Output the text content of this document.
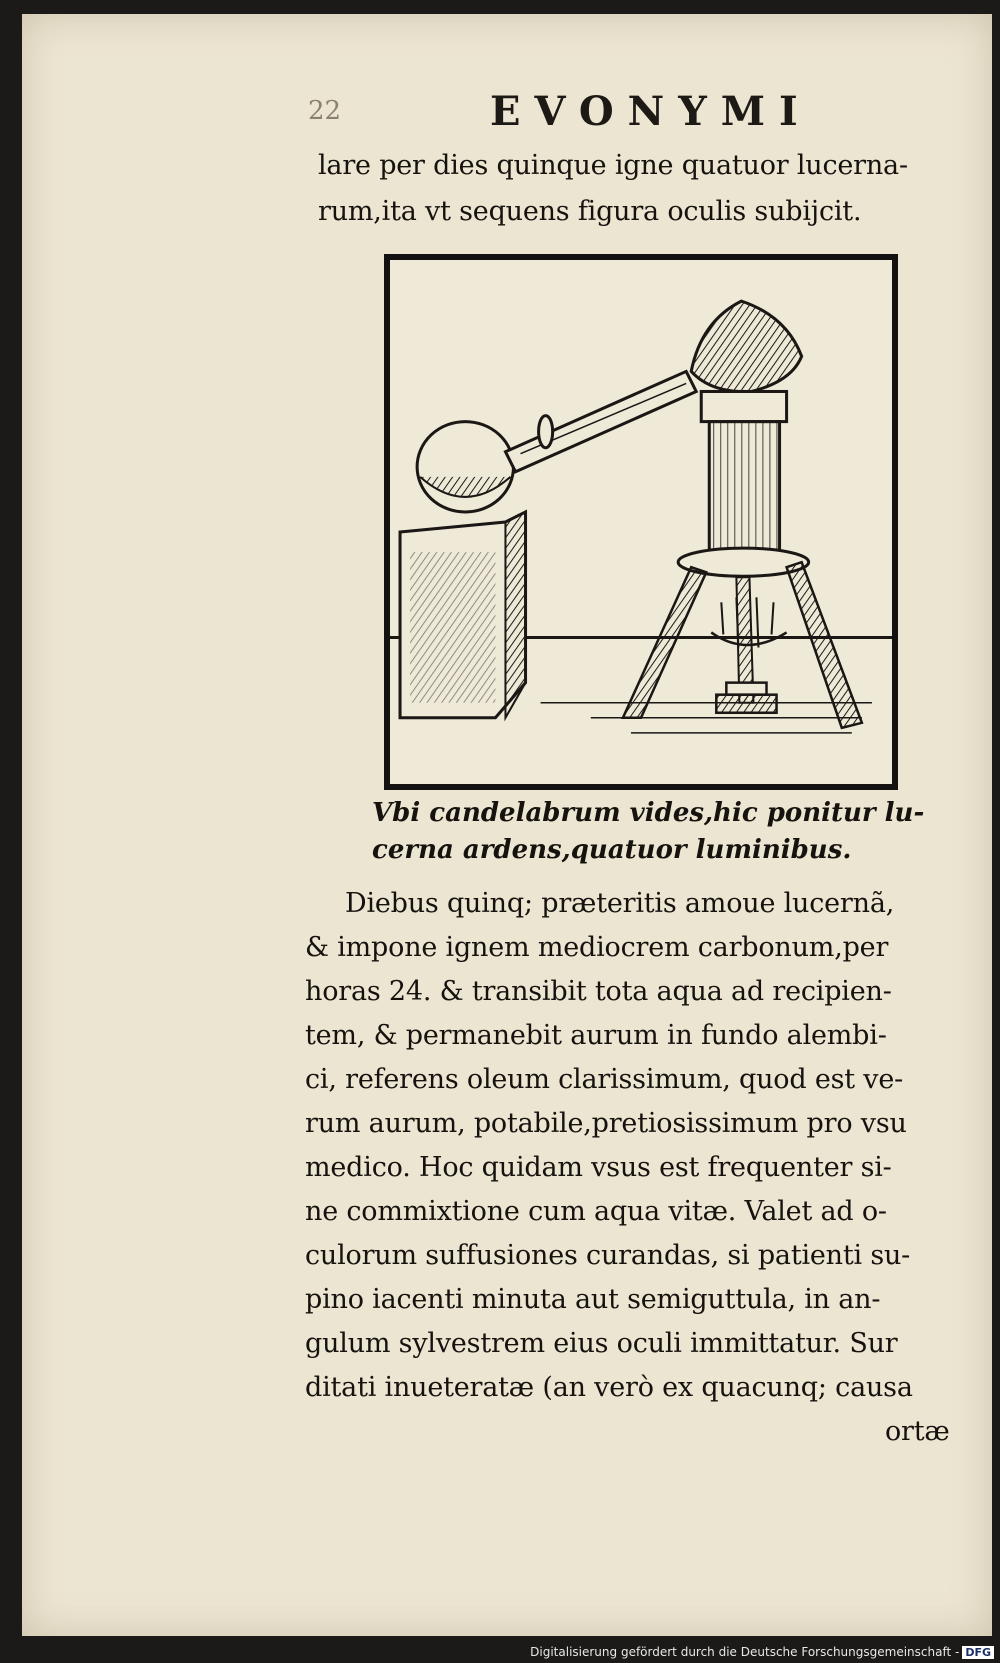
22	EVONYMI
lare per dies quinque igne quatuor lucerna-
rum,ita vt sequens figura oculis subijcit.
Vbi candelabrum vides,hic ponitur lu-
cerna ardens,quatuor luminibus.
Diebus quinq; præteritis amoue lucernã,
& impone ignem mediocrem carbonum,per
horas 24. & transibit tota aqua ad recipien-
tem, & permanebit aurum in fundo alembi-
ci, referens oleum clarissimum, quod est ve-
rum aurum, potabile,pretiosissimum pro vsu
medico. Hoc quidam vsus est frequenter si-
ne commixtione cum aqua vitæ. Valet ad o-
culorum suffusiones curandas, si patienti su-
pino iacenti minuta aut semiguttula, in an-
gulum sylvestrem eius oculi immittatur. Sur
ditati inueteratæ (an verò ex quacunq; causa
ortæ
Digitalisierung gefördert durch die Deutsche Forschungsgemeinschaft - DFG
